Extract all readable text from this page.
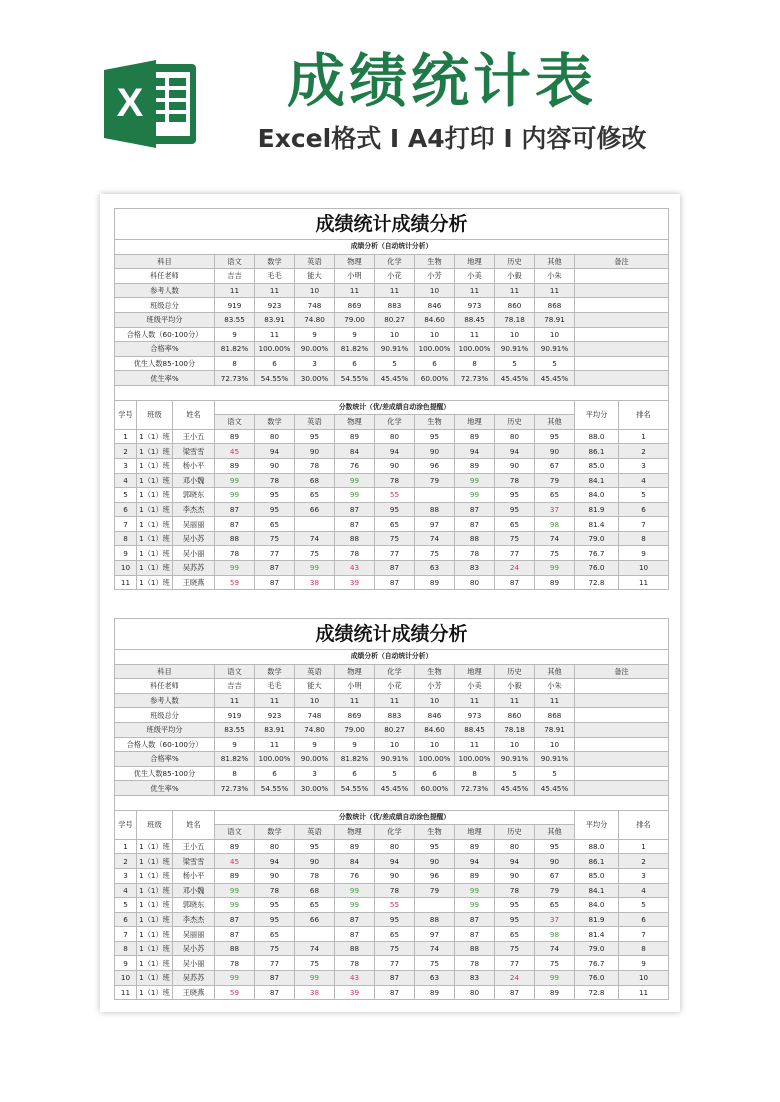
X	成绩统计表
Excel格式 I A4打印 I 内容可修改
成绩统计成绩分析													
成绩分析（自动统计分析）													
科目			语文	数学	英语	物理	化学	生物	地理	历史	其他	备注	
科任老师			吉吉	毛毛	能大	小明	小花	小芳	小美	小毅	小朱		
参考人数			11	11	10	11	11	10	11	11	11		
班级总分			919	923	748	869	883	846	973	860	868		
班级平均分			83.55	83.91	74.80	79.00	80.27	84.60	88.45	78.18	78.91		
合格人数（60-100分）			9	11	9	9	10	10	11	10	10		
合格率%			81.82%	100.00%	90.00%	81.82%	90.91%	100.00%	100.00%	90.91%	90.91%		
优生人数85-100分			8	6	3	6	5	6	8	5	5		
优生率%			72.73%	54.55%	30.00%	54.55%	45.45%	60.00%	72.73%	45.45%	45.45%		

学号	班级	姓名	分数统计（优/差成绩自动涂色提醒）									平均分	排名
			语文	数学	英语	物理	化学	生物	地理	历史	其他		
1	1（1）班	王小五	89	80	95	89	80	95	89	80	95	88.0	1
2	1（1）班	梁雪雪	45	94	90	84	94	90	94	94	90	86.1	2
3	1（1）班	杨小平	89	90	78	76	90	96	89	90	67	85.0	3
4	1（1）班	邓小魏	99	78	68	99	78	79	99	78	79	84.1	4
5	1（1）班	郭晓东	99	95	65	99	55		99	95	65	84.0	5
6	1（1）班	李杰杰	87	95	66	87	95	88	87	95	37	81.9	6
7	1（1）班	吴丽丽	87	65		87	65	97	87	65	98	81.4	7
8	1（1）班	吴小苏	88	75	74	88	75	74	88	75	74	79.0	8
9	1（1）班	吴小丽	78	77	75	78	77	75	78	77	75	76.7	9
10	1（1）班	吴苏苏	99	87	99	43	87	63	83	24	99	76.0	10
11	1（1）班	王晓燕	59	87	38	39	87	89	80	87	89	72.8	11
成绩统计成绩分析													
成绩分析（自动统计分析）													
科目			语文	数学	英语	物理	化学	生物	地理	历史	其他	备注	
科任老师			吉吉	毛毛	能大	小明	小花	小芳	小美	小毅	小朱		
参考人数			11	11	10	11	11	10	11	11	11		
班级总分			919	923	748	869	883	846	973	860	868		
班级平均分			83.55	83.91	74.80	79.00	80.27	84.60	88.45	78.18	78.91		
合格人数（60-100分）			9	11	9	9	10	10	11	10	10		
合格率%			81.82%	100.00%	90.00%	81.82%	90.91%	100.00%	100.00%	90.91%	90.91%		
优生人数85-100分			8	6	3	6	5	6	8	5	5		
优生率%			72.73%	54.55%	30.00%	54.55%	45.45%	60.00%	72.73%	45.45%	45.45%		

学号	班级	姓名	分数统计（优/差成绩自动涂色提醒）									平均分	排名
			语文	数学	英语	物理	化学	生物	地理	历史	其他		
1	1（1）班	王小五	89	80	95	89	80	95	89	80	95	88.0	1
2	1（1）班	梁雪雪	45	94	90	84	94	90	94	94	90	86.1	2
3	1（1）班	杨小平	89	90	78	76	90	96	89	90	67	85.0	3
4	1（1）班	邓小魏	99	78	68	99	78	79	99	78	79	84.1	4
5	1（1）班	郭晓东	99	95	65	99	55		99	95	65	84.0	5
6	1（1）班	李杰杰	87	95	66	87	95	88	87	95	37	81.9	6
7	1（1）班	吴丽丽	87	65		87	65	97	87	65	98	81.4	7
8	1（1）班	吴小苏	88	75	74	88	75	74	88	75	74	79.0	8
9	1（1）班	吴小丽	78	77	75	78	77	75	78	77	75	76.7	9
10	1（1）班	吴苏苏	99	87	99	43	87	63	83	24	99	76.0	10
11	1（1）班	王晓燕	59	87	38	39	87	89	80	87	89	72.8	11
